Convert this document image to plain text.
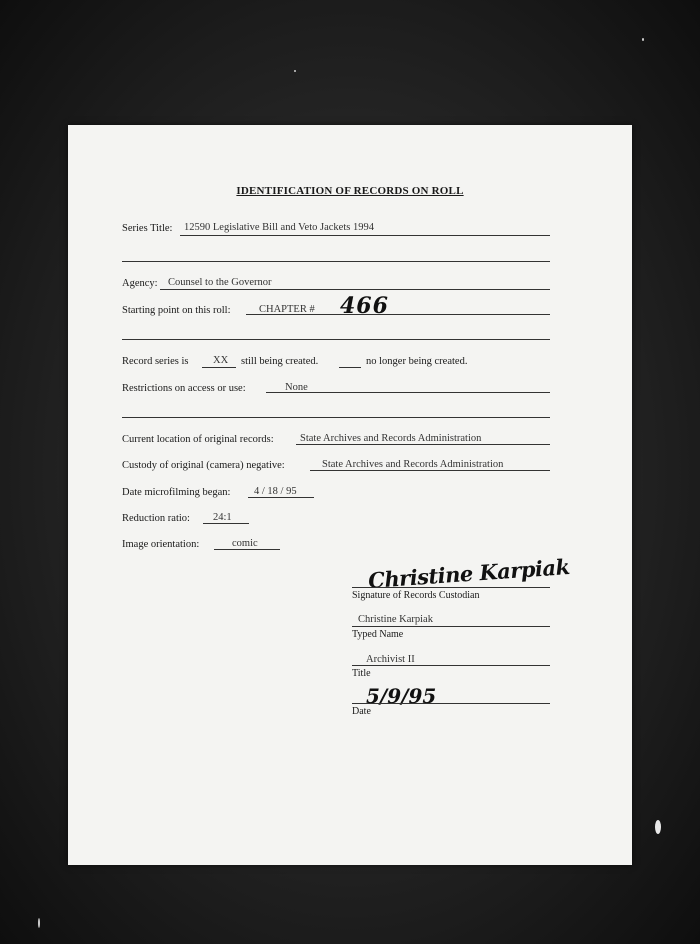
IDENTIFICATION OF RECORDS ON ROLL
Series Title: 12590 Legislative Bill and Veto Jackets 1994
Agency: Counsel to the Governor
Starting point on this roll:	CHAPTER # 466
Record series is XX still being created.	no longer being created.
Restrictions on access or use:	None
Current location of original records:	State Archives and Records Administration
Custody of original (camera) negative:	State Archives and Records Administration
Date microfilming began: 4 / 18 / 95
Reduction ratio: 24:1
Image orientation:	comic
Christine Karpiak
Signature of Records Custodian
Christine Karpiak
Typed Name
Archivist II
Title
5/9/95
Date
